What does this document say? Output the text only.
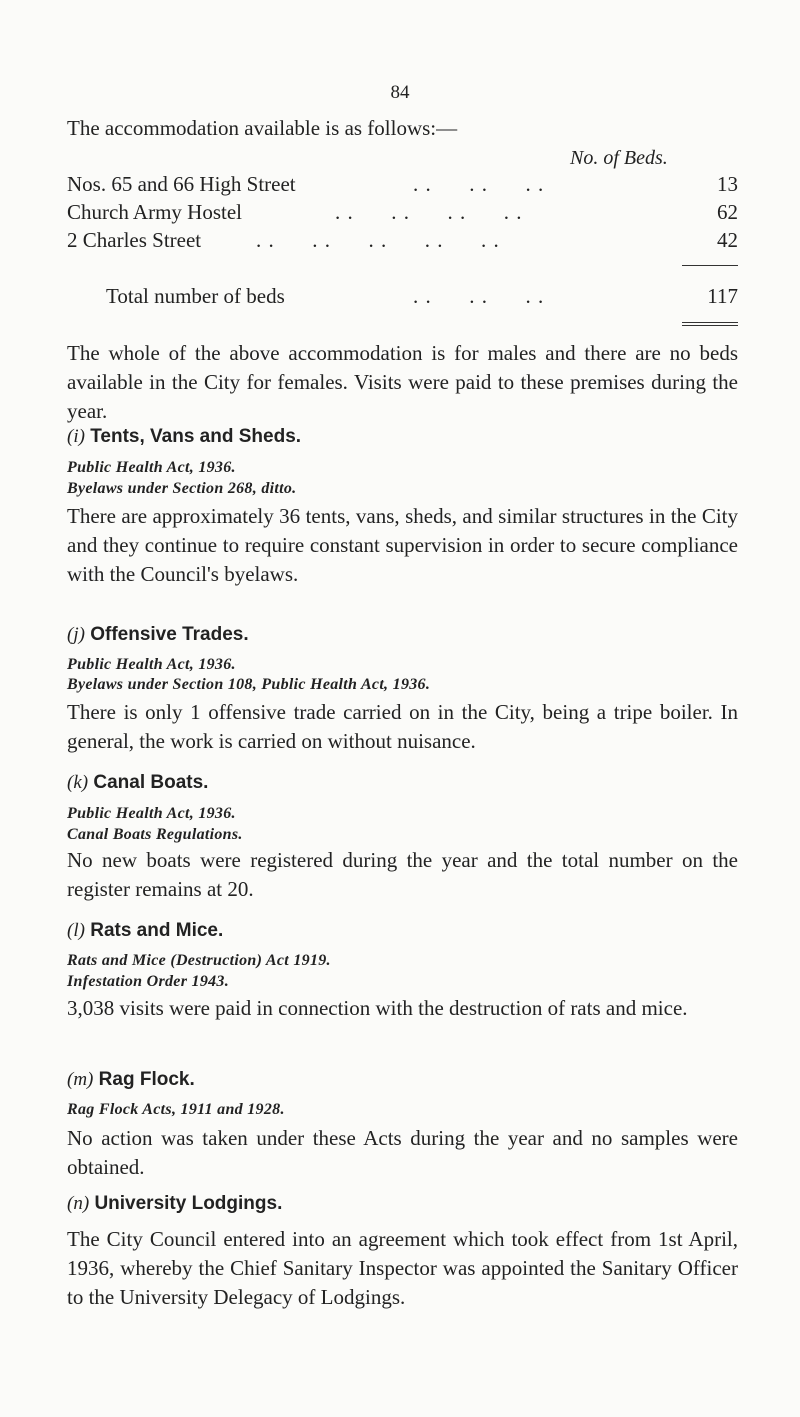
84
The accommodation available is as follows:—
No. of Beds.
Nos. 65 and 66 High Street	. .      . .      . .	13
Church Army Hostel	. .      . .      . .      . .	62
2 Charles Street	. .      . .      . .      . .      . .	42
Total number of beds	. .      . .      . .	117

The whole of the above accommodation is for males and there are no beds available in the City for females. Visits were paid to these premises during the year.

(i) Tents, Vans and Sheds.
Public Health Act, 1936.
Byelaws under Section 268, ditto.

There are approximately 36 tents, vans, sheds, and similar structures in the City and they continue to require constant supervision in order to secure compliance with the Council's byelaws.

(j) Offensive Trades.
Public Health Act, 1936.
Byelaws under Section 108, Public Health Act, 1936.

There is only 1 offensive trade carried on in the City, being a tripe boiler. In general, the work is carried on without nuisance.

(k) Canal Boats.
Public Health Act, 1936.
Canal Boats Regulations.

No new boats were registered during the year and the total number on the register remains at 20.

(l) Rats and Mice.
Rats and Mice (Destruction) Act 1919.
Infestation Order 1943.

3,038 visits were paid in connection with the destruction of rats and mice.

(m) Rag Flock.
Rag Flock Acts, 1911 and 1928.

No action was taken under these Acts during the year and no samples were obtained.

(n) University Lodgings.

The City Council entered into an agreement which took effect from 1st April, 1936, whereby the Chief Sanitary Inspector was appointed the Sanitary Officer to the University Delegacy of Lodgings.
